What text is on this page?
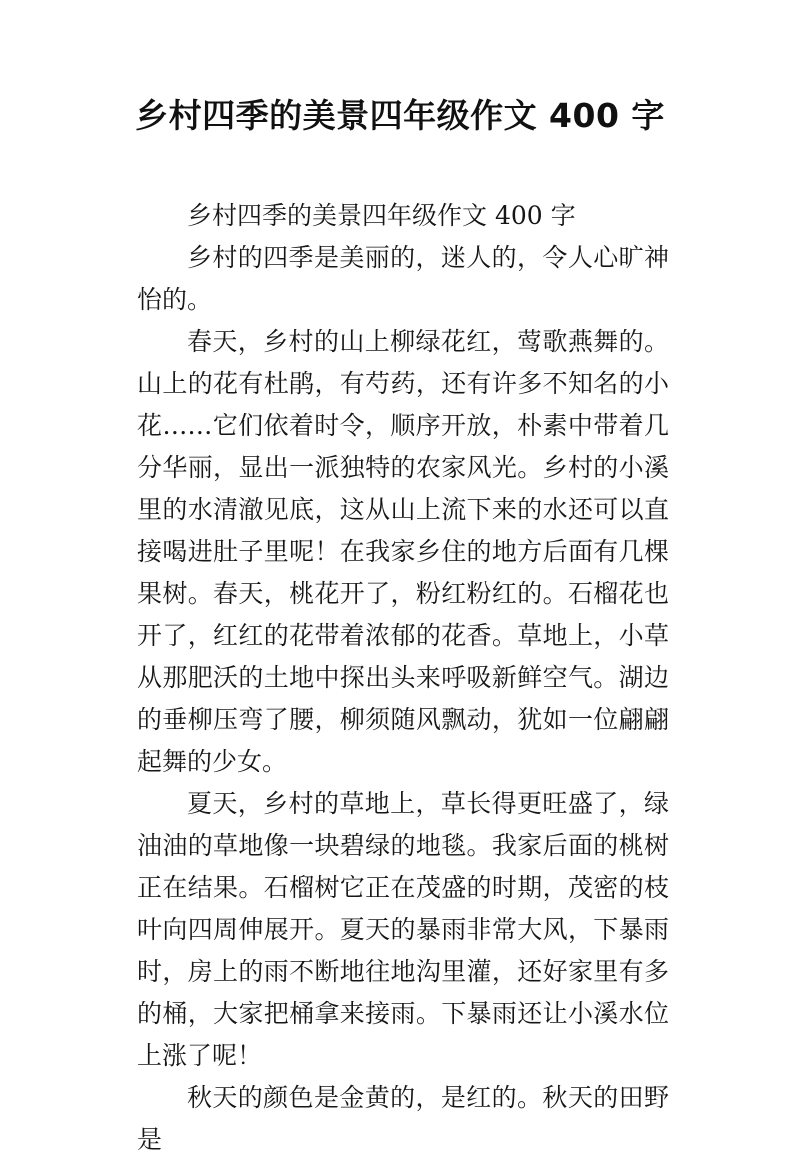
乡村四季的美景四年级作文 400 字

乡村四季的美景四年级作文 400 字

乡村的四季是美丽的，迷人的，令人心旷神怡的。

春天，乡村的山上柳绿花红，莺歌燕舞的。山上的花有杜鹃，有芍药，还有许多不知名的小花……它们依着时令，顺序开放，朴素中带着几分华丽，显出一派独特的农家风光。乡村的小溪里的水清澈见底，这从山上流下来的水还可以直接喝进肚子里呢！在我家乡住的地方后面有几棵果树。春天，桃花开了，粉红粉红的。石榴花也开了，红红的花带着浓郁的花香。草地上，小草从那肥沃的土地中探出头来呼吸新鲜空气。湖边的垂柳压弯了腰，柳须随风飘动，犹如一位翩翩起舞的少女。

夏天，乡村的草地上，草长得更旺盛了，绿油油的草地像一块碧绿的地毯。我家后面的桃树正在结果。石榴树它正在茂盛的时期，茂密的枝叶向四周伸展开。夏天的暴雨非常大风，下暴雨时，房上的雨不断地往地沟里灌，还好家里有多的桶，大家把桶拿来接雨。下暴雨还让小溪水位上涨了呢！

秋天的颜色是金黄的，是红的。秋天的田野是
